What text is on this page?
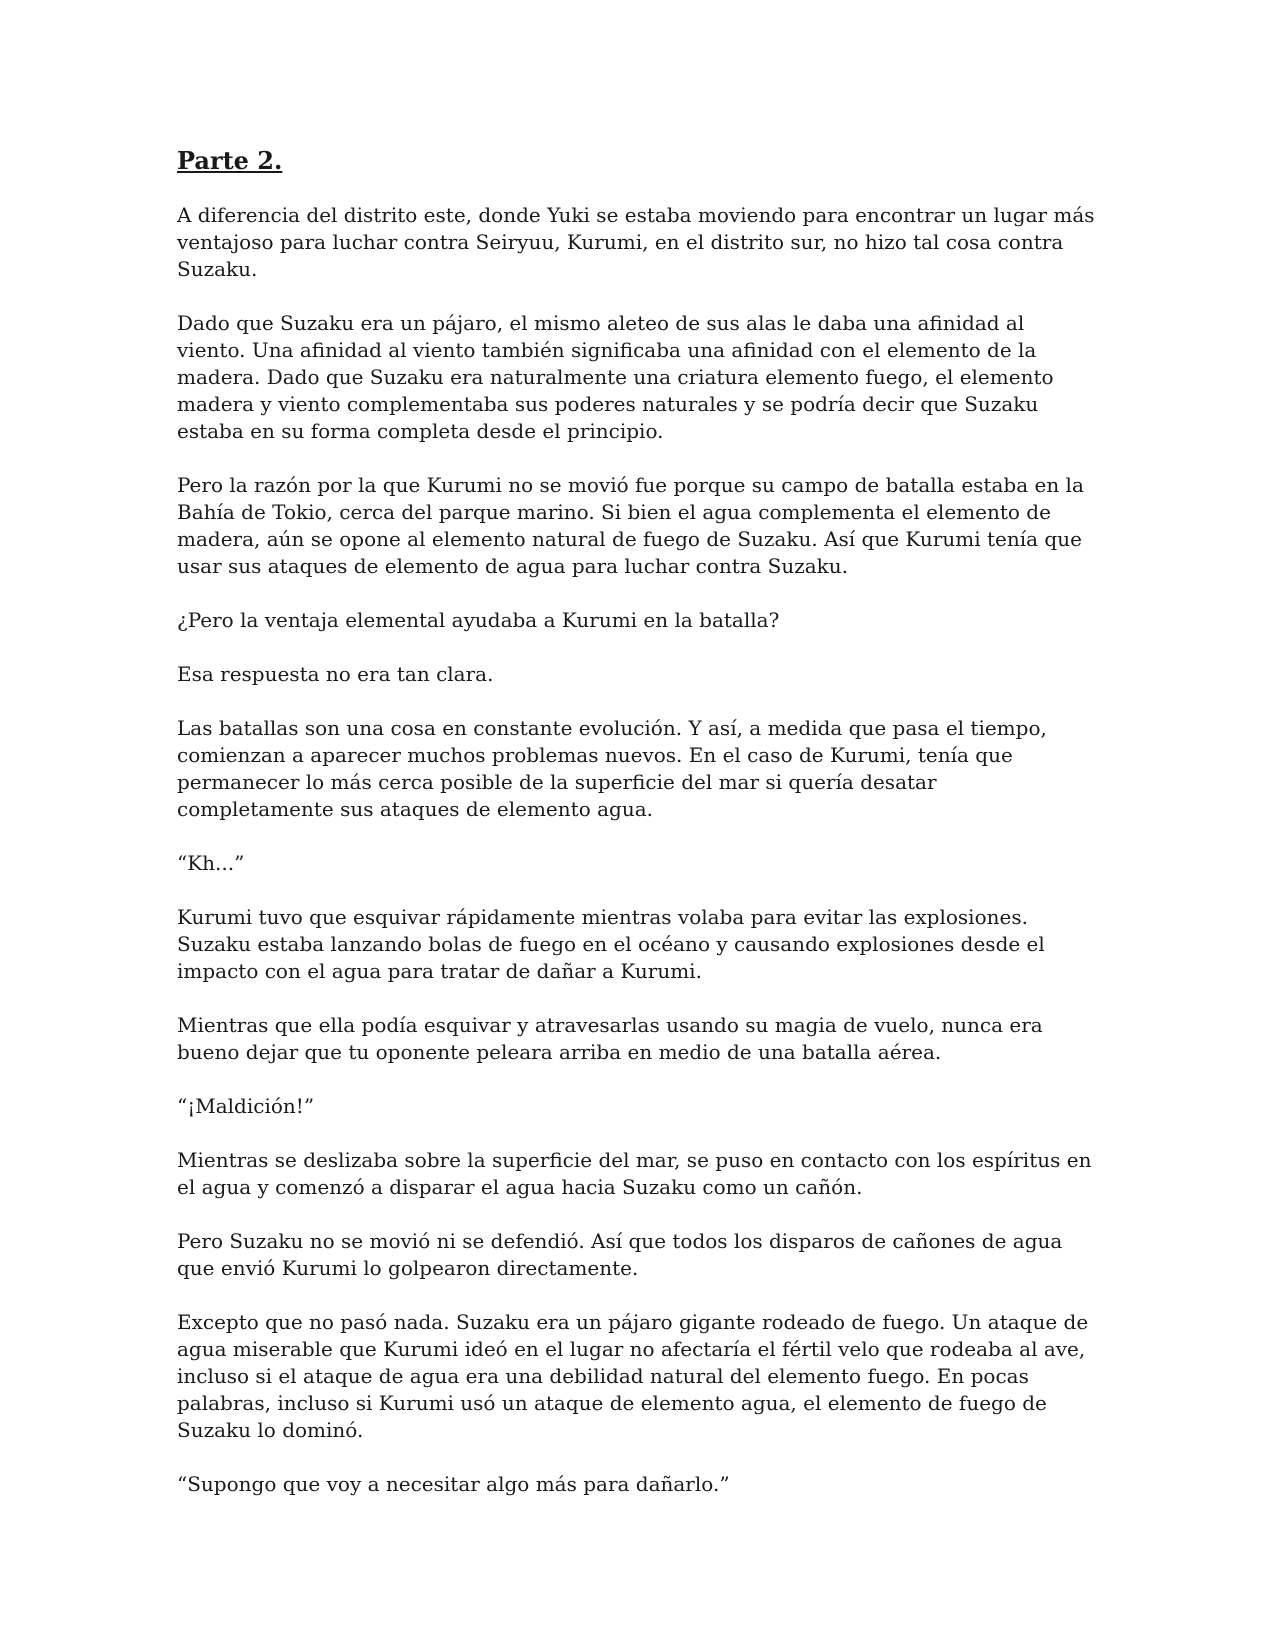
Parte 2.

A diferencia del distrito este, donde Yuki se estaba moviendo para encontrar un lugar más ventajoso para luchar contra Seiryuu, Kurumi, en el distrito sur, no hizo tal cosa contra Suzaku.

Dado que Suzaku era un pájaro, el mismo aleteo de sus alas le daba una afinidad al viento. Una afinidad al viento también significaba una afinidad con el elemento de la madera. Dado que Suzaku era naturalmente una criatura elemento fuego, el elemento madera y viento complementaba sus poderes naturales y se podría decir que Suzaku estaba en su forma completa desde el principio.

Pero la razón por la que Kurumi no se movió fue porque su campo de batalla estaba en la Bahía de Tokio, cerca del parque marino. Si bien el agua complementa el elemento de madera, aún se opone al elemento natural de fuego de Suzaku. Así que Kurumi tenía que usar sus ataques de elemento de agua para luchar contra Suzaku.

¿Pero la ventaja elemental ayudaba a Kurumi en la batalla?

Esa respuesta no era tan clara.

Las batallas son una cosa en constante evolución. Y así, a medida que pasa el tiempo, comienzan a aparecer muchos problemas nuevos. En el caso de Kurumi, tenía que permanecer lo más cerca posible de la superficie del mar si quería desatar completamente sus ataques de elemento agua.

“Kh...”

Kurumi tuvo que esquivar rápidamente mientras volaba para evitar las explosiones. Suzaku estaba lanzando bolas de fuego en el océano y causando explosiones desde el impacto con el agua para tratar de dañar a Kurumi.

Mientras que ella podía esquivar y atravesarlas usando su magia de vuelo, nunca era bueno dejar que tu oponente peleara arriba en medio de una batalla aérea.

“¡Maldición!”

Mientras se deslizaba sobre la superficie del mar, se puso en contacto con los espíritus en el agua y comenzó a disparar el agua hacia Suzaku como un cañón.

Pero Suzaku no se movió ni se defendió. Así que todos los disparos de cañones de agua que envió Kurumi lo golpearon directamente.

Excepto que no pasó nada. Suzaku era un pájaro gigante rodeado de fuego. Un ataque de agua miserable que Kurumi ideó en el lugar no afectaría el fértil velo que rodeaba al ave, incluso si el ataque de agua era una debilidad natural del elemento fuego. En pocas palabras, incluso si Kurumi usó un ataque de elemento agua, el elemento de fuego de Suzaku lo dominó.

“Supongo que voy a necesitar algo más para dañarlo.”
